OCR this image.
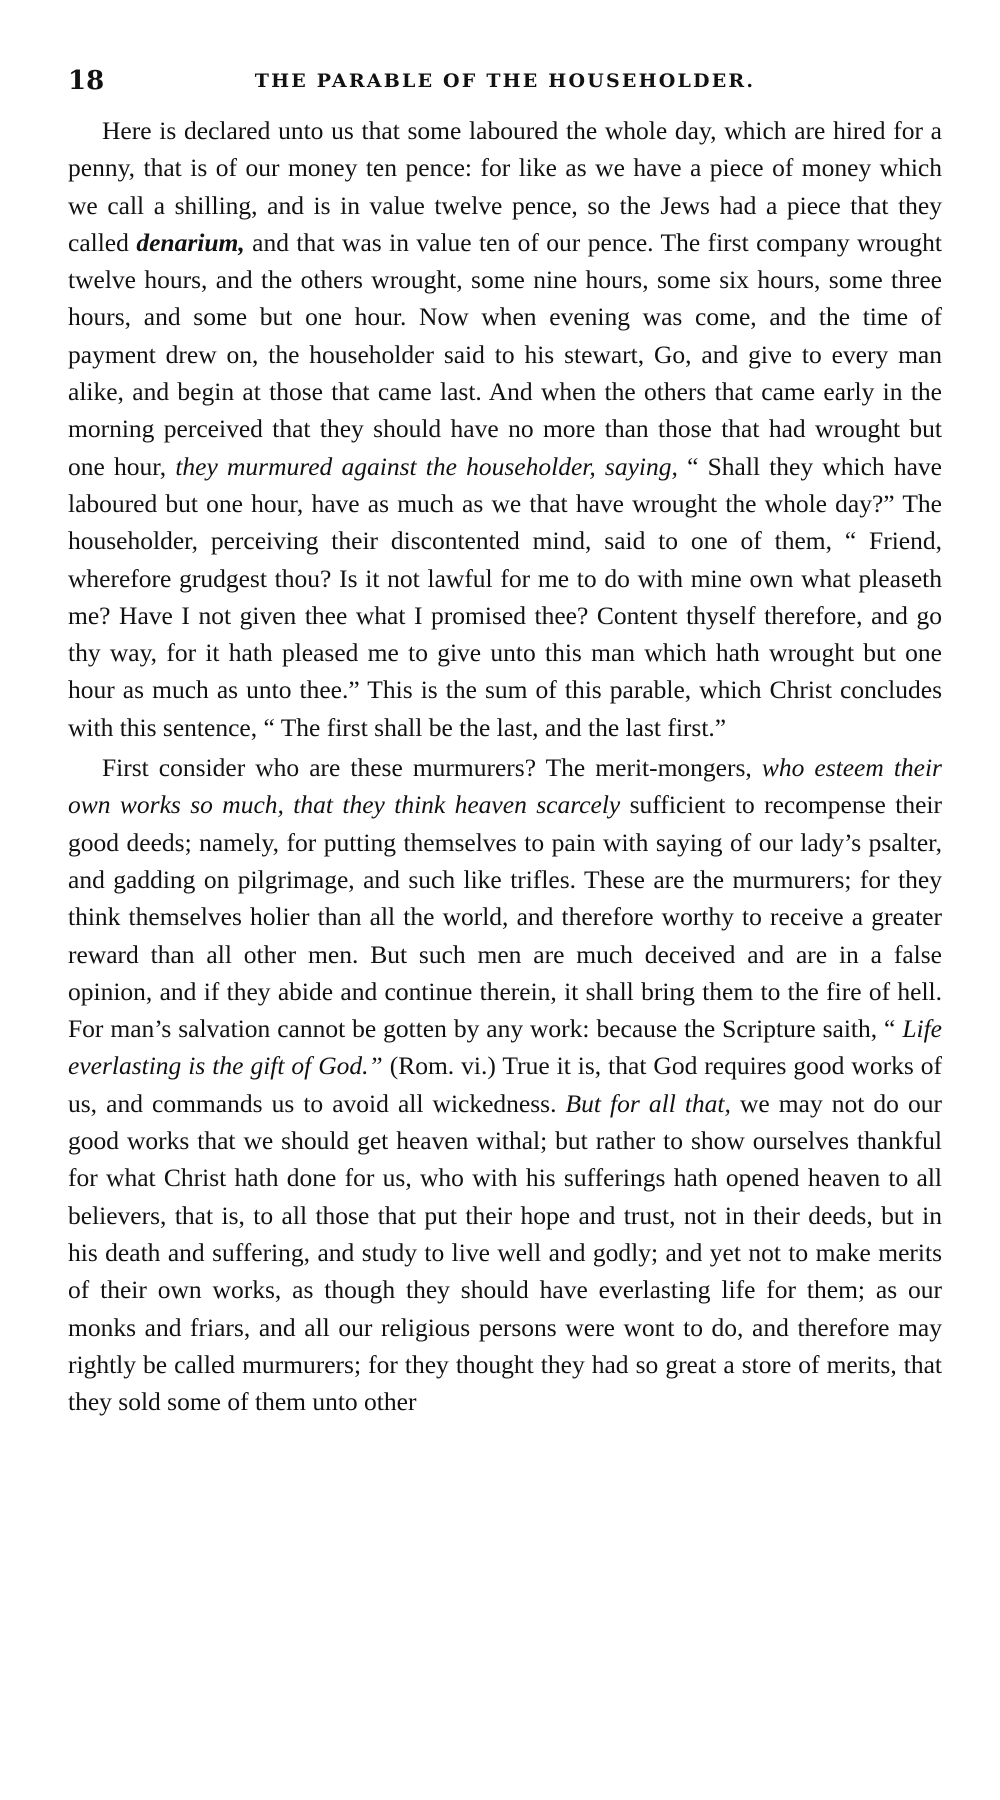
18	THE PARABLE OF THE HOUSEHOLDER.

Here is declared unto us that some laboured the whole day, which are hired for a penny, that is of our money ten pence: for like as we have a piece of money which we call a shilling, and is in value twelve pence, so the Jews had a piece that they called denarium, and that was in value ten of our pence. The first company wrought twelve hours, and the others wrought, some nine hours, some six hours, some three hours, and some but one hour. Now when evening was come, and the time of payment drew on, the householder said to his stewart, Go, and give to every man alike, and begin at those that came last. And when the others that came early in the morning perceived that they should have no more than those that had wrought but one hour, they murmured against the householder, saying, “ Shall they which have laboured but one hour, have as much as we that have wrought the whole day?” The householder, perceiving their discontented mind, said to one of them, “ Friend, wherefore grudgest thou? Is it not lawful for me to do with mine own what pleaseth me? Have I not given thee what I promised thee? Content thyself therefore, and go thy way, for it hath pleased me to give unto this man which hath wrought but one hour as much as unto thee.” This is the sum of this parable, which Christ concludes with this sentence, “ The first shall be the last, and the last first.”

First consider who are these murmurers? The merit-mongers, who esteem their own works so much, that they think heaven scarcely sufficient to recompense their good deeds; namely, for putting themselves to pain with saying of our lady’s psalter, and gadding on pilgrimage, and such like trifles. These are the murmurers; for they think themselves holier than all the world, and therefore worthy to receive a greater reward than all other men. But such men are much deceived and are in a false opinion, and if they abide and continue therein, it shall bring them to the fire of hell. For man’s salvation cannot be gotten by any work: because the Scripture saith, “ Life everlasting is the gift of God.” (Rom. vi.) True it is, that God requires good works of us, and commands us to avoid all wickedness. But for all that, we may not do our good works that we should get heaven withal; but rather to show ourselves thankful for what Christ hath done for us, who with his sufferings hath opened heaven to all believers, that is, to all those that put their hope and trust, not in their deeds, but in his death and suffering, and study to live well and godly; and yet not to make merits of their own works, as though they should have everlasting life for them; as our monks and friars, and all our religious persons were wont to do, and therefore may rightly be called murmurers; for they thought they had so great a store of merits, that they sold some of them unto other
